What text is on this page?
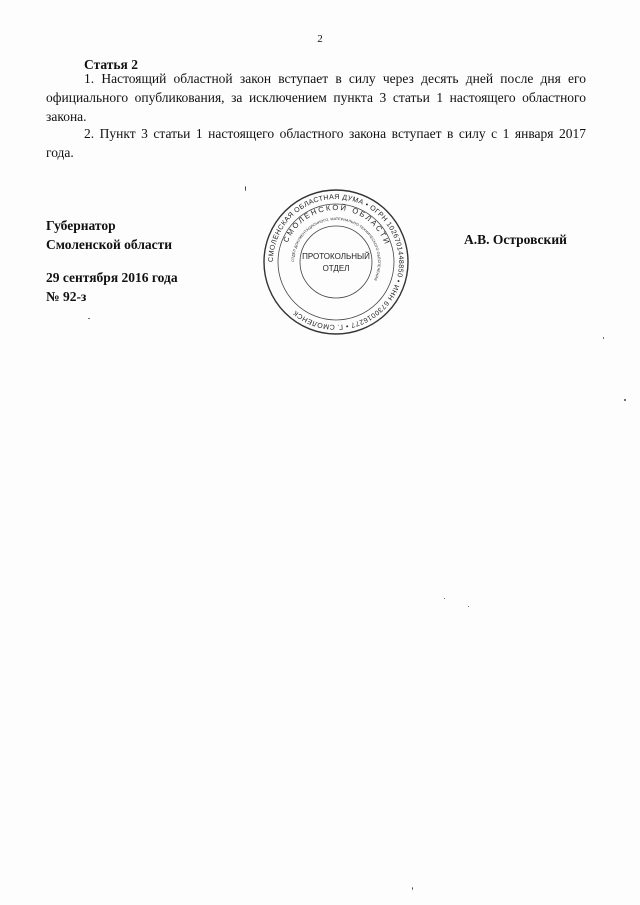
2
Статья 2
1. Настоящий областной закон вступает в силу через десять дней после дня его официального опубликования, за исключением пункта 3 статьи 1 настоящего областного закона.
2. Пункт 3 статьи 1 настоящего областного закона вступает в силу с 1 января 2017 года.
Губернатор
Смоленской области
29 сентября 2016 года
№ 92-з
А.В. Островский
СМОЛЕНСКАЯ ОБЛАСТНАЯ ДУМА • ОГРН 1026701448850 • ИНН 6730016277 • Г. СМОЛЕНСК
СМОЛЕНСКОЙ ОБЛАСТИ
ОТДЕЛ ДОКУМЕНТАЦИОННОГО, МАТЕРИАЛЬНО-ТЕХНИЧЕСКОГО ОБЕСПЕЧЕНИЯ
ПРОТОКОЛЬНЫЙ
ОТДЕЛ
